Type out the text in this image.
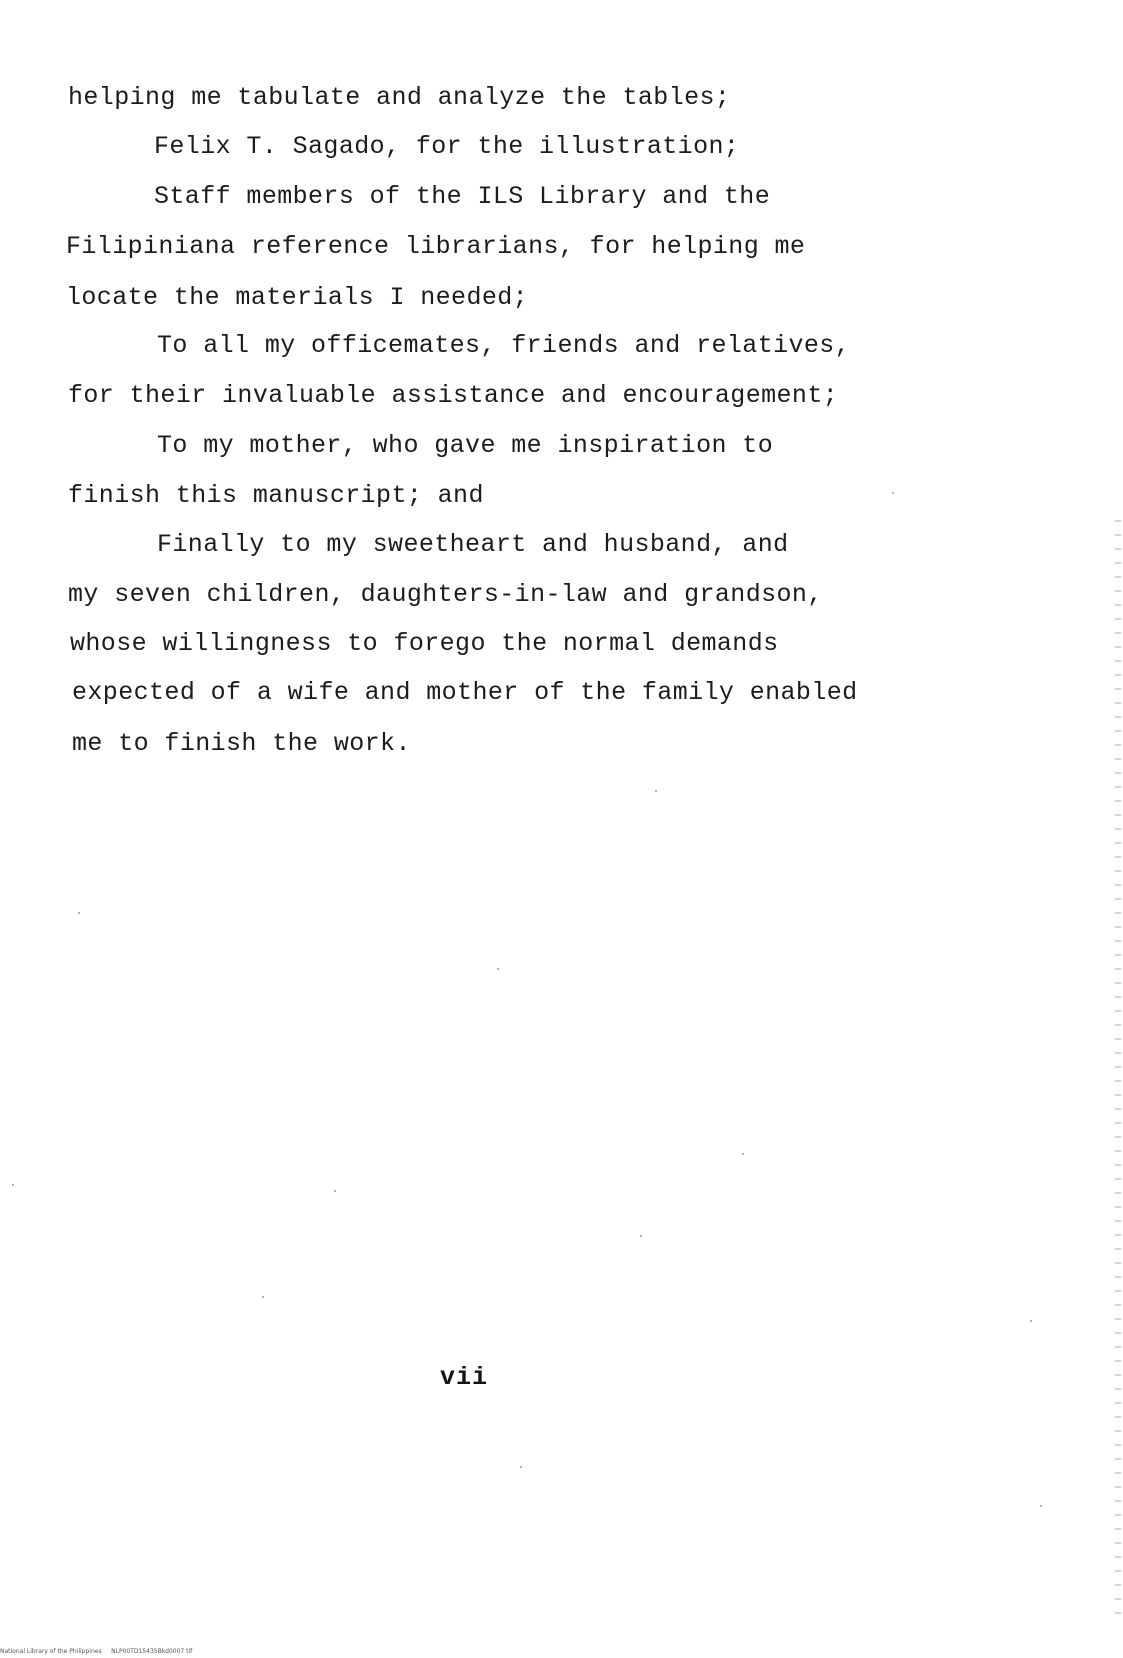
helping me tabulate and analyze the tables;
Felix T. Sagado, for the illustration;
Staff members of the ILS Library and the
Filipiniana reference librarians, for helping me
locate the materials I needed;
To all my officemates, friends and relatives,
for their invaluable assistance and encouragement;
To my mother, who gave me inspiration to
finish this manuscript; and
Finally to my sweetheart and husband, and
my seven children, daughters-in-law and grandson,
whose willingness to forego the normal demands
expected of a wife and mother of the family enabled
me to finish the work.
vii
National Library of the Philippines NLP00TD15435Bkd0007 tif
